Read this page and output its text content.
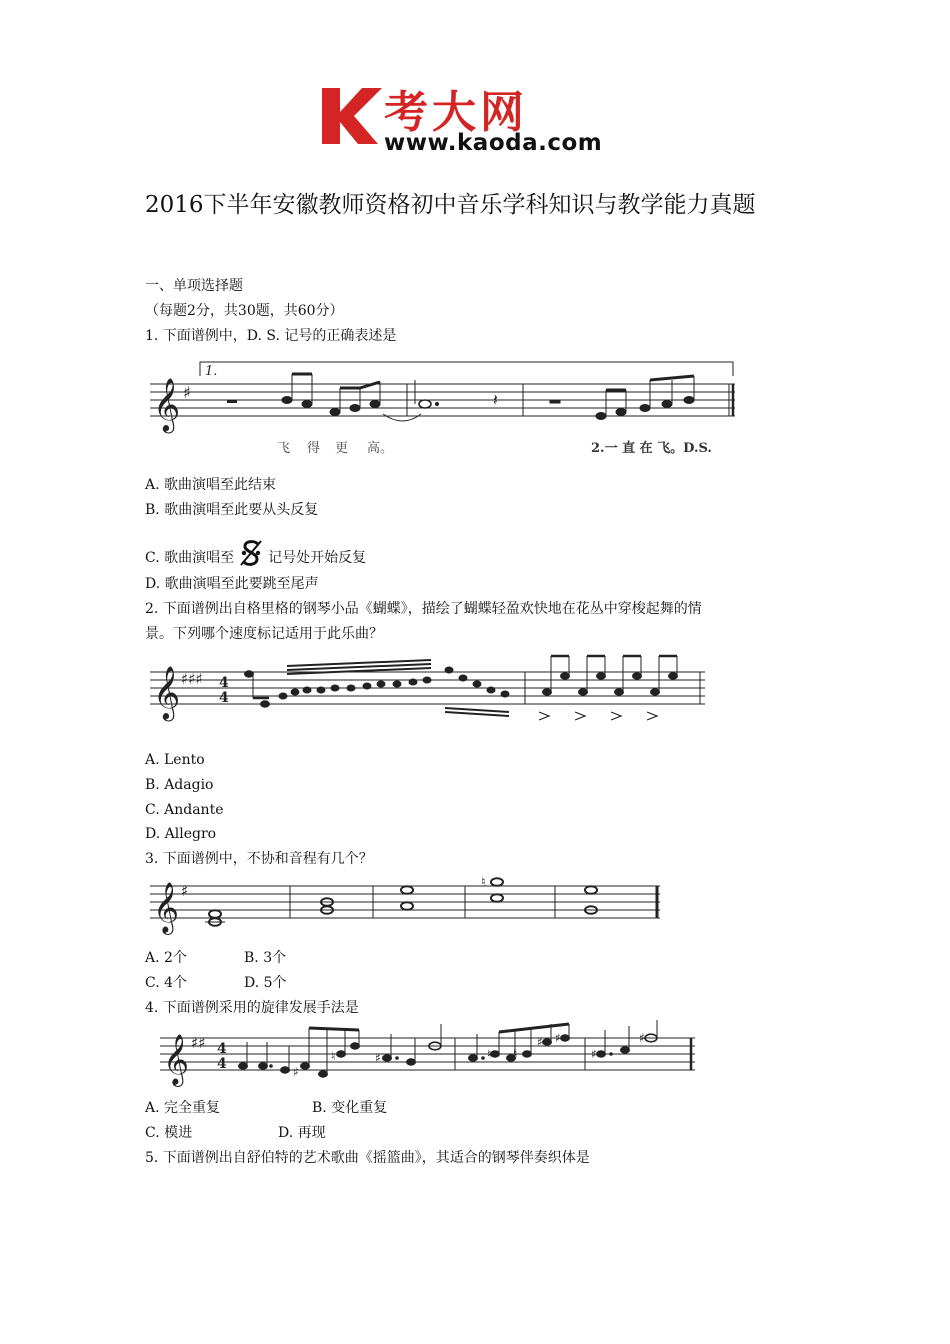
考大网
www.kaoda.com
2016下半年安徽教师资格初中音乐学科知识与教学能力真题
一、单项选择题
（每题2分，共30题，共60分）
1. 下面谱例中，D. S. 记号的正确表述是
𝄞 ♯
1.
𝄽
飞 得 更 高。	2.一 直 在 飞。D.S.
A. 歌曲演唱至此结束
B. 歌曲演唱至此要从头反复
C. 歌曲演唱至 记号处开始反复
D. 歌曲演唱至此要跳至尾声
2. 下面谱例出自格里格的钢琴小品《蝴蝶》，描绘了蝴蝶轻盈欢快地在花丛中穿梭起舞的情
景。下列哪个速度标记适用于此乐曲？
𝄞 ♯♯♯ 4
4
A. Lento
B. Adagio
C. Andante
D. Allegro
3. 下面谱例中，不协和音程有几个？
𝄞 ♯	♮
A. 2个	B. 3个
C. 4个	D. 5个
4. 下面谱例采用的旋律发展手法是
𝄞 ♯♯ 4
4	♯
♮	♯	♮ ♮
♯ ♯
♯
♯
A. 完全重复	B. 变化重复
C. 模进	D. 再现
5. 下面谱例出自舒伯特的艺术歌曲《摇篮曲》，其适合的钢琴伴奏织体是
